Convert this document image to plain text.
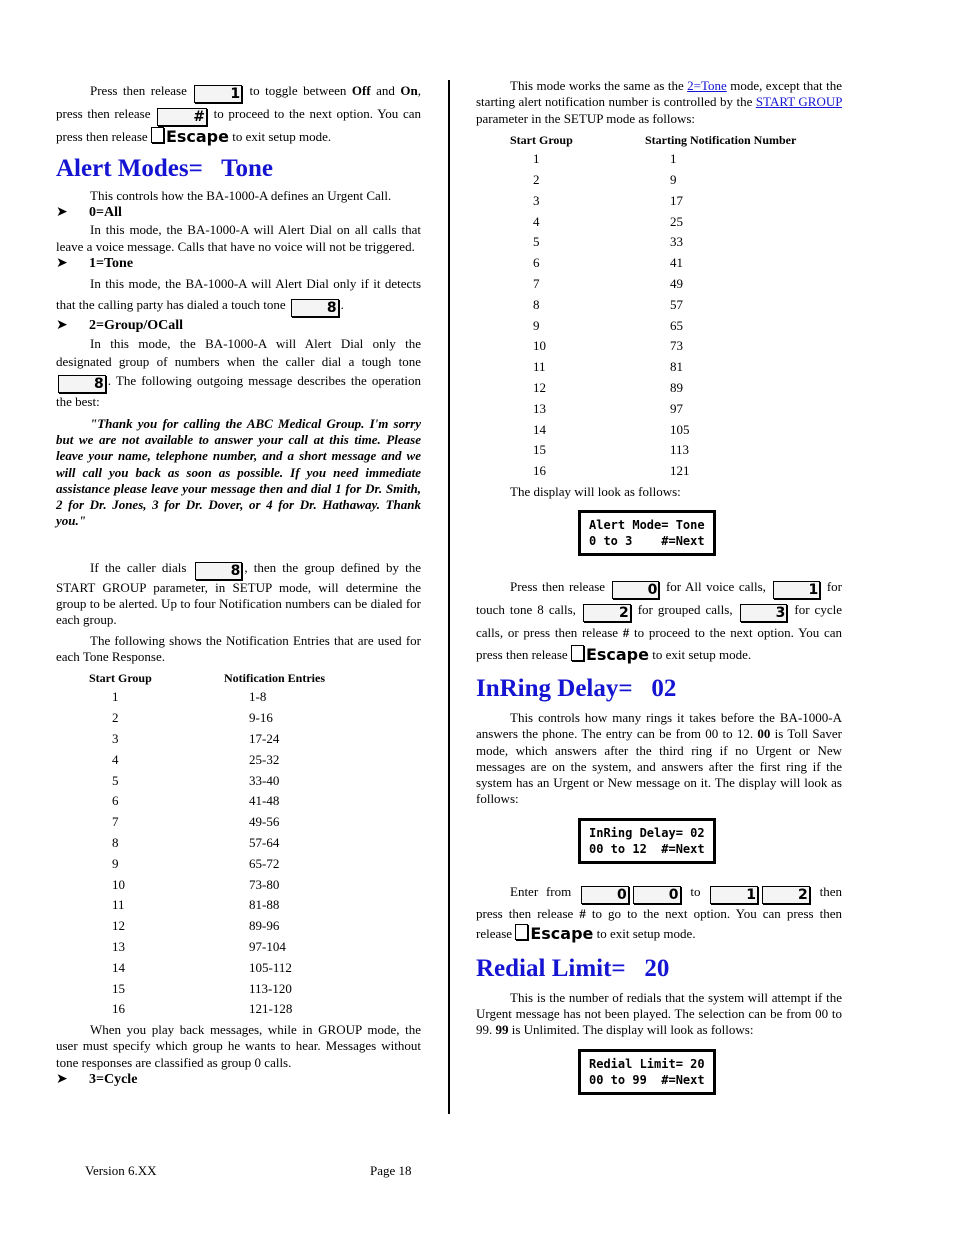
Press then release	1 to toggle between Off and On, press then release	# to proceed to the next option. You can press then release Escape to exit setup mode.

Alert Modes=   Tone

This controls how the BA-1000-A defines an Urgent Call.

➤ 0=All

In this mode, the BA-1000-A will Alert Dial on all calls that leave a voice message. Calls that have no voice will not be triggered.

➤ 1=Tone

In this mode, the BA-1000-A will Alert Dial only if it detects that the calling party has dialed a touch tone	8 .

➤ 2=Group/OCall

In this mode, the BA-1000-A will Alert Dial only the designated group of numbers when the caller dial a tough tone 8 . The following outgoing message describes the operation the best:

"Thank you for calling the ABC Medical Group. I'm sorry but we are not available to answer your call at this time. Please leave your name, telephone number, and a short message and we will call you back as soon as possible. If you need immediate assistance please leave your message then and dial 1 for Dr. Smith, 2 for Dr. Jones, 3 for Dr. Dover, or 4 for Dr. Hathaway. Thank you."

If the caller dials	8 , then the group defined by the START GROUP parameter, in SETUP mode, will determine the group to be alerted. Up to four Notification numbers can be dialed for each group.

The following shows the Notification Entries that are used for each Tone Response.

Start Group	Notification Entries
1	1-8
2	9-16
3	17-24
4	25-32
5	33-40
6	41-48
7	49-56
8	57-64
9	65-72
10	73-80
11	81-88
12	89-96
13	97-104
14	105-112
15	113-120
16	121-128

When you play back messages, while in GROUP mode, the user must specify which group he wants to hear. Messages without tone responses are classified as group 0 calls.

➤ 3=Cycle

This mode works the same as the 2=Tone mode, except that the starting alert notification number is controlled by the START GROUP parameter in the SETUP mode as follows:

Start Group	Starting Notification Number
1	1
2	9
3	17
4	25
5	33
6	41
7	49
8	57
9	65
10	73
11	81
12	89
13	97
14	105
15	113
16	121

The display will look as follows:

Alert Mode= Tone
0 to 3    #=Next

Press then release	0 for All voice calls,	1 for touch tone 8 calls,	2 for grouped calls,	3 for cycle calls, or press then release # to proceed to the next option. You can press then release Escape to exit setup mode.

InRing Delay=   02

This controls how many rings it takes before the BA-1000-A answers the phone. The entry can be from 00 to 12. 00 is Toll Saver mode, which answers after the third ring if no Urgent or New messages are on the system, and answers after the first ring if the system has an Urgent or New message on it. The display will look as follows:

InRing Delay= 02
00 to 12  #=Next

Enter from	0	0 to	1	2 then press then release # to go to the next option. You can press then release Escape to exit setup mode.

Redial Limit=   20

This is the number of redials that the system will attempt if the Urgent message has not been played. The selection can be from 00 to 99. 99 is Unlimited. The display will look as follows:

Redial Limit= 20
00 to 99  #=Next
Version 6.XX	Page 18
